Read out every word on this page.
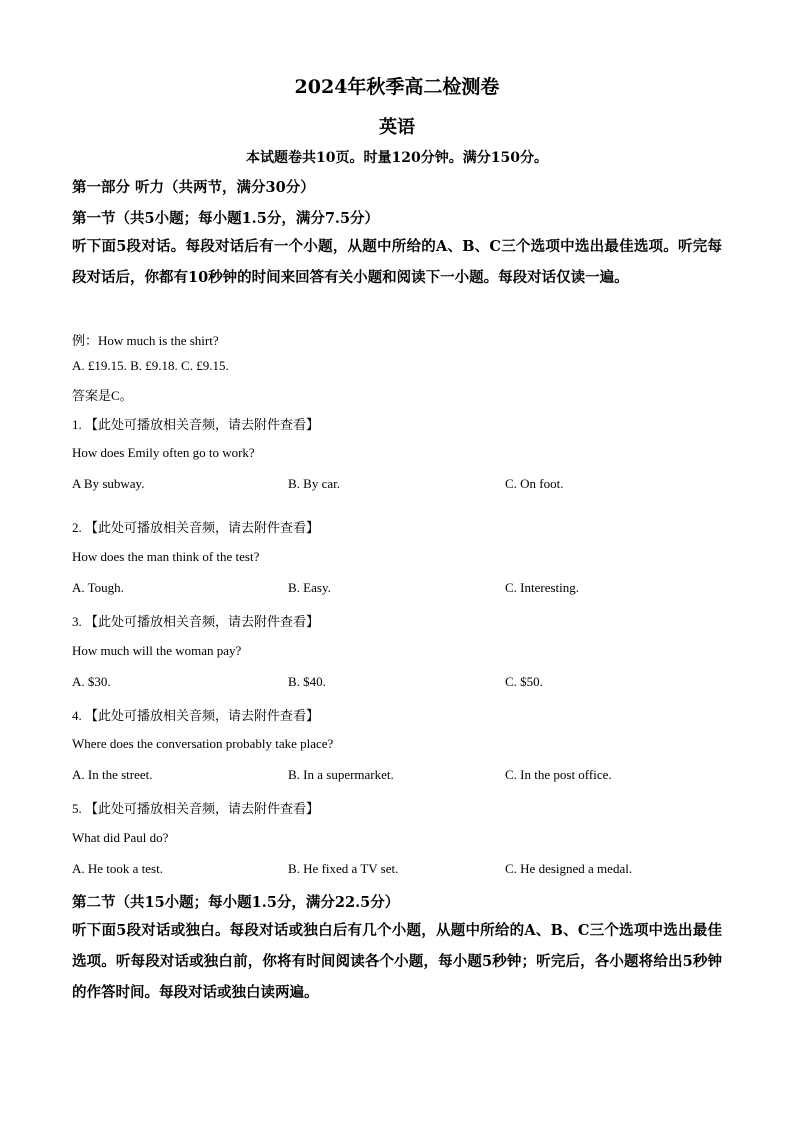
2024年秋季高二检测卷
英语
本试题卷共10页。时量120分钟。满分150分。
第一部分 听力（共两节，满分30分）
第一节（共5小题；每小题1.5分，满分7.5分）
听下面5段对话。每段对话后有一个小题，从题中所给的A、B、C三个选项中选出最佳选项。听完每段对话后，你都有10秒钟的时间来回答有关小题和阅读下一小题。每段对话仅读一遍。
例：How much is the shirt?
A. £19.15. B. £9.18. C. £9.15.
答案是C。
1. 【此处可播放相关音频，请去附件查看】
How does Emily often go to work?
A By subway.	B. By car.	C. On foot.
2. 【此处可播放相关音频，请去附件查看】
How does the man think of the test?
A. Tough.	B. Easy.	C. Interesting.
3. 【此处可播放相关音频，请去附件查看】
How much will the woman pay?
A. $30.	B. $40.	C. $50.
4. 【此处可播放相关音频，请去附件查看】
Where does the conversation probably take place?
A. In the street.	B. In a supermarket.	C. In the post office.
5. 【此处可播放相关音频，请去附件查看】
What did Paul do?
A. He took a test.	B. He fixed a TV set.	C. He designed a medal.
第二节（共15小题；每小题1.5分，满分22.5分）
听下面5段对话或独白。每段对话或独白后有几个小题，从题中所给的A、B、C三个选项中选出最佳选项。听每段对话或独白前，你将有时间阅读各个小题，每小题5秒钟；听完后，各小题将给出5秒钟的作答时间。每段对话或独白读两遍。
